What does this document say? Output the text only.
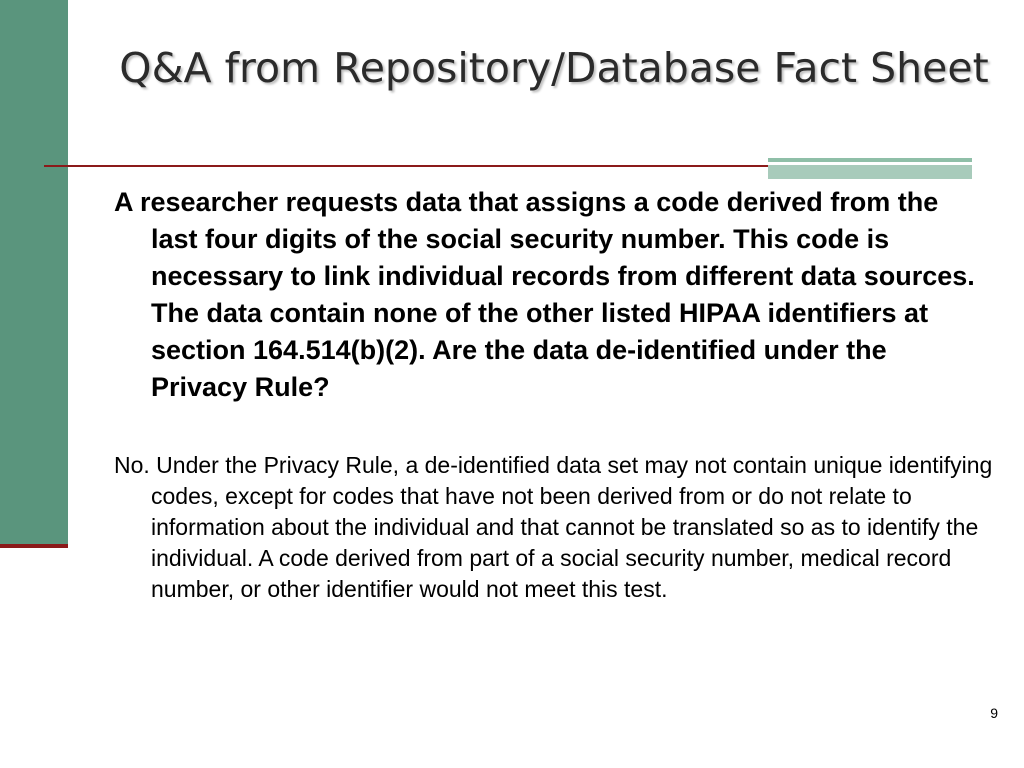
Q&A from Repository/Database Fact Sheet

A researcher requests data that assigns a code derived from the last four digits of the social security number. This code is necessary to link individual records from different data sources. The data contain none of the other listed HIPAA identifiers at section 164.514(b)(2). Are the data de-identified under the Privacy Rule?

No. Under the Privacy Rule, a de-identified data set may not contain unique identifying codes, except for codes that have not been derived from or do not relate to information about the individual and that cannot be translated so as to identify the individual. A code derived from part of a social security number, medical record number, or other identifier would not meet this test.

9
